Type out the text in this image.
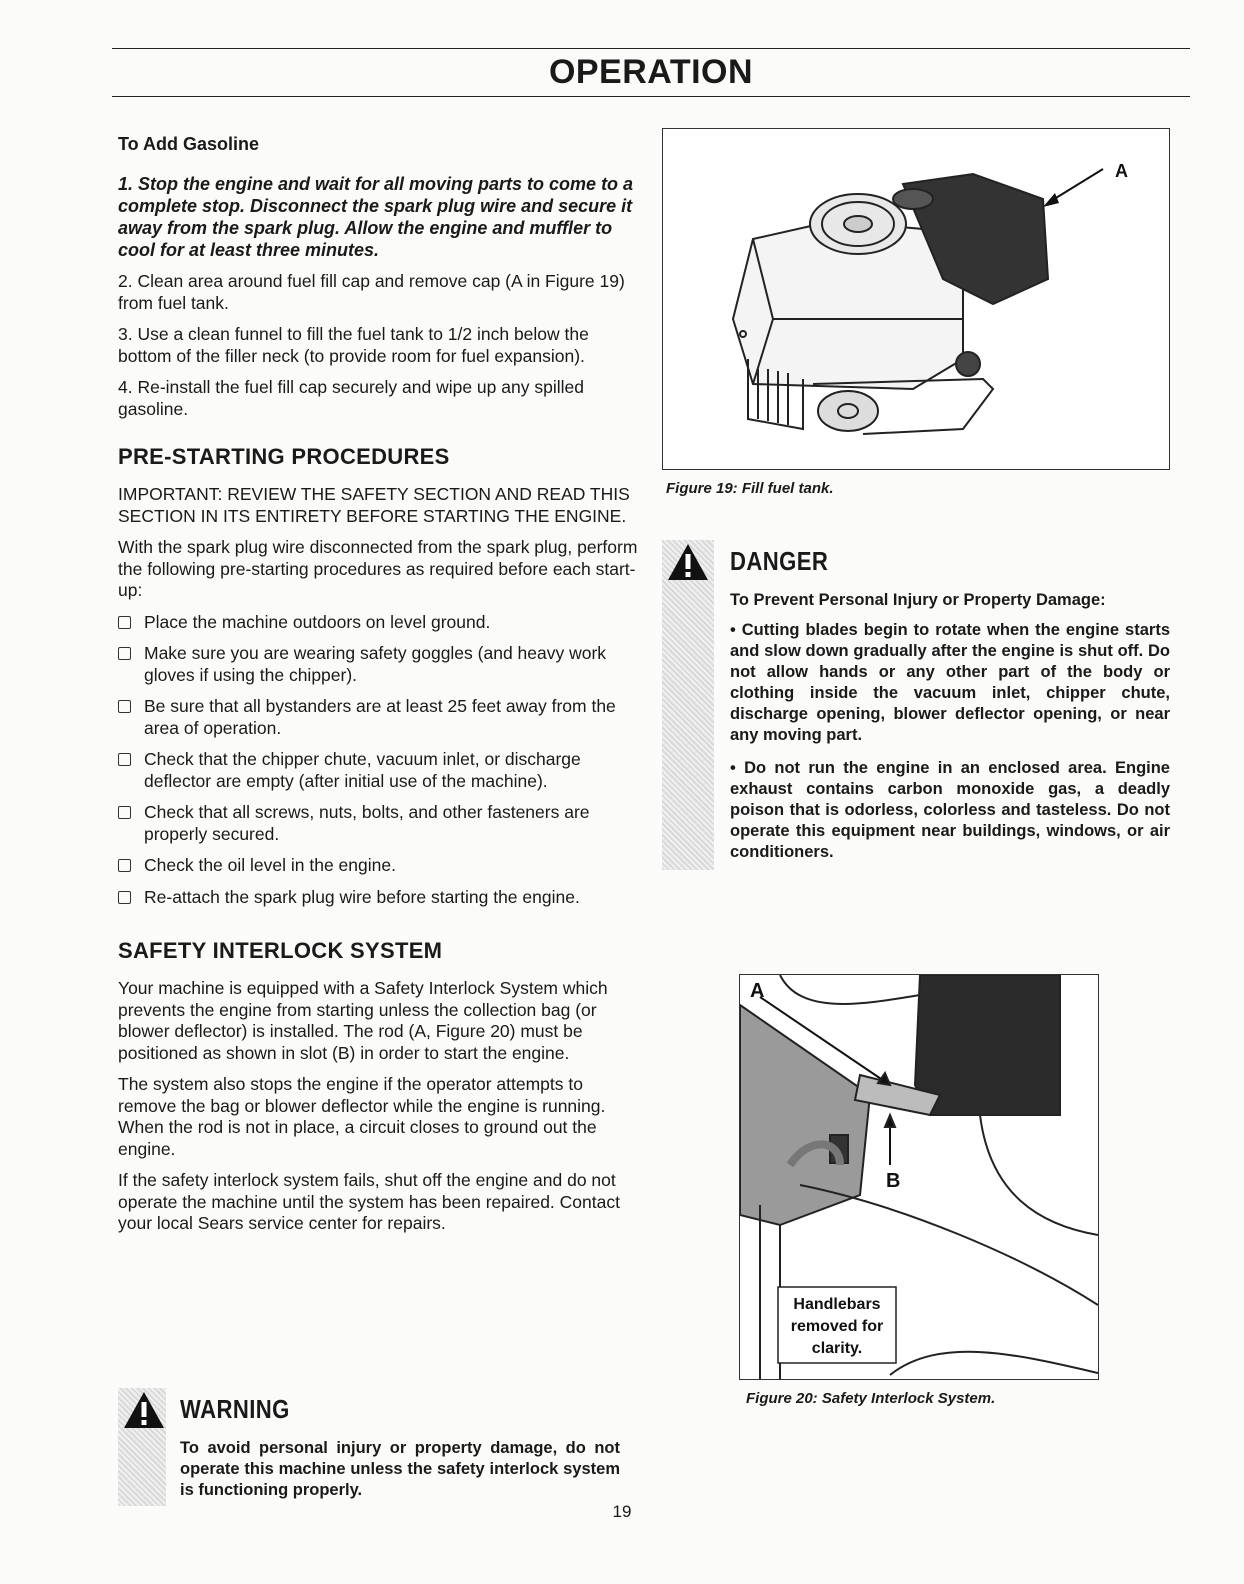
OPERATION
To Add Gasoline

1. Stop the engine and wait for all moving parts to come to a complete stop. Disconnect the spark plug wire and secure it away from the spark plug. Allow the engine and muffler to cool for at least three minutes.

2. Clean area around fuel fill cap and remove cap (A in Figure 19) from fuel tank.

3. Use a clean funnel to fill the fuel tank to 1/2 inch below the bottom of the filler neck (to provide room for fuel expansion).

4. Re-install the fuel fill cap securely and wipe up any spilled gasoline.

PRE-STARTING PROCEDURES

IMPORTANT: REVIEW THE SAFETY SECTION AND READ THIS SECTION IN ITS ENTIRETY BEFORE STARTING THE ENGINE.

With the spark plug wire disconnected from the spark plug, perform the following pre-starting procedures as required before each start-up:

Place the machine outdoors on level ground.
Make sure you are wearing safety goggles (and heavy work gloves if using the chipper).
Be sure that all bystanders are at least 25 feet away from the area of operation.
Check that the chipper chute, vacuum inlet, or discharge deflector are empty (after initial use of the machine).
Check that all screws, nuts, bolts, and other fasteners are properly secured.
Check the oil level in the engine.
Re-attach the spark plug wire before starting the engine.
SAFETY INTERLOCK SYSTEM

Your machine is equipped with a Safety Interlock System which prevents the engine from starting unless the collection bag (or blower deflector) is installed. The rod (A, Figure 20) must be positioned as shown in slot (B) in order to start the engine.

The system also stops the engine if the operator attempts to remove the bag or blower deflector while the engine is running. When the rod is not in place, a circuit closes to ground out the engine.

If the safety interlock system fails, shut off the engine and do not operate the machine until the system has been repaired. Contact your local Sears service center for repairs.

WARNING
To avoid personal injury or property damage, do not operate this machine unless the safety interlock system is functioning properly.
A
Figure 19: Fill fuel tank.
DANGER
To Prevent Personal Injury or Property Damage:
• Cutting blades begin to rotate when the engine starts and slow down gradually after the engine is shut off. Do not allow hands or any other part of the body or clothing inside the vacuum inlet, chipper chute, discharge opening, blower deflector opening, or near any moving part.
• Do not run the engine in an enclosed area. Engine exhaust contains carbon monoxide gas, a deadly poison that is odorless, colorless and tasteless. Do not operate this equipment near buildings, windows, or air conditioners.
A
B
Handlebars
removed for
clarity.
Figure 20: Safety Interlock System.
19
